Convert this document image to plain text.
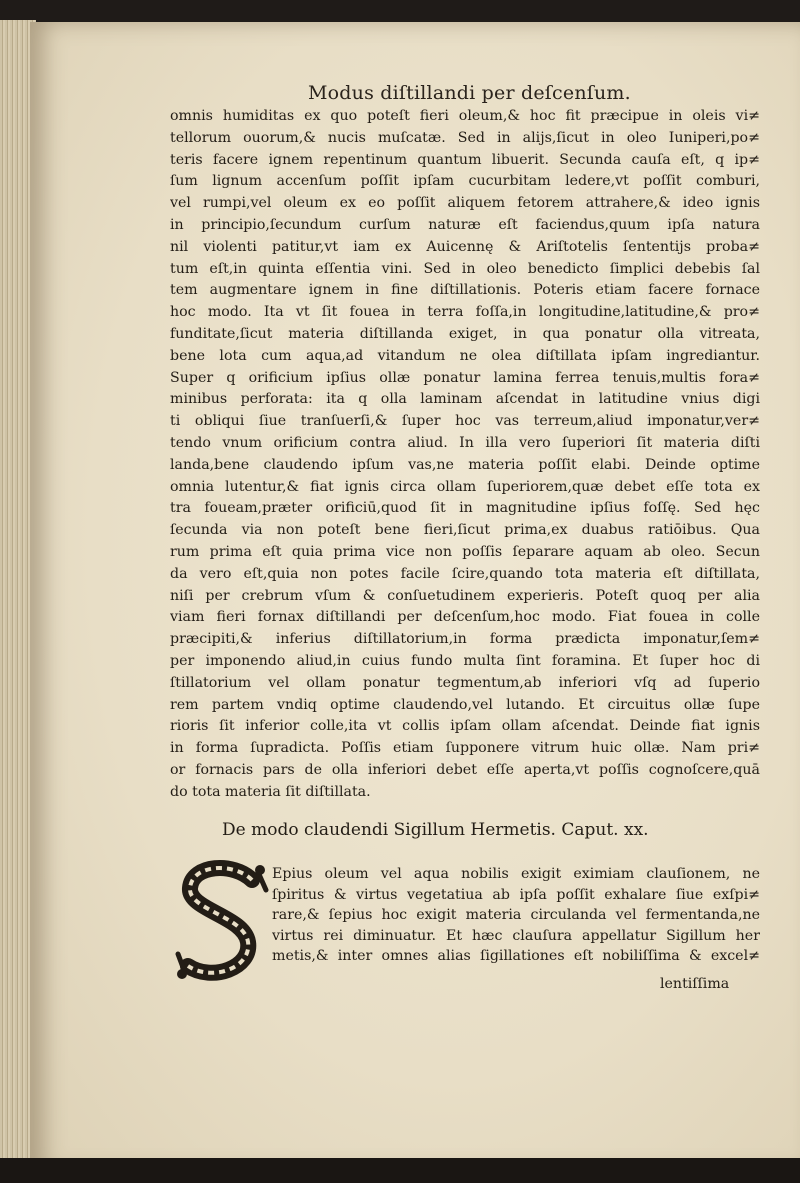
Modus diſtillandi per deſcenſum.
omnis humiditas ex quo poteſt fieri oleum,& hoc fit præcipue in oleis vi≠
tellorum ouorum,& nucis muſcatæ. Sed in alijs,ſicut in oleo Iuniperi,po≠
teris facere ignem repentinum quantum libuerit. Secunda cauſa eſt, q ip≠
ſum lignum accenſum poſſit ipſam cucurbitam ledere,vt poſſit comburi,
vel rumpi,vel oleum ex eo poſſit aliquem fetorem attrahere,& ideo ignis
in principio,ſecundum curſum naturæ eſt faciendus,quum ipſa natura
nil violenti patitur,vt iam ex Auicennę & Ariſtotelis ſententijs proba≠
tum eſt,in quinta eſſentia vini. Sed in oleo benedicto ſimplici debebis ſal
tem augmentare ignem in fine diſtillationis. Poteris etiam facere fornace
hoc modo. Ita vt ſit fouea in terra foſſa,in longitudine,latitudine,& pro≠
funditate,ſicut materia diſtillanda exiget, in qua ponatur olla vitreata,
bene lota cum aqua,ad vitandum ne olea diſtillata ipſam ingrediantur.
Super q orificium ipſius ollæ ponatur lamina ferrea tenuis,multis fora≠
minibus perforata: ita q olla laminam aſcendat in latitudine vnius digi
ti obliqui ſiue tranſuerſi,& ſuper hoc vas terreum,aliud imponatur,ver≠
tendo vnum orificium contra aliud. In illa vero ſuperiori ſit materia diſti
landa,bene claudendo ipſum vas,ne materia poſſit elabi. Deinde optime
omnia lutentur,& fiat ignis circa ollam ſuperiorem,quæ debet eſſe tota ex
tra foueam,præter orificiū,quod ſit in magnitudine ipſius foſſę. Sed hęc
ſecunda via non poteſt bene fieri,ſicut prima,ex duabus ratiōibus. Qua
rum prima eſt quia prima vice non poſſis ſeparare aquam ab oleo. Secun
da vero eſt,quia non potes facile ſcire,quando tota materia eſt diſtillata,
niſi per crebrum vſum & conſuetudinem experieris. Poteſt quoq per alia
viam fieri fornax diſtillandi per deſcenſum,hoc modo. Fiat fouea in colle
præcipiti,& inferius diſtillatorium,in forma prædicta imponatur,ſem≠
per imponendo aliud,in cuius fundo multa ſint foramina. Et ſuper hoc di
ſtillatorium vel ollam ponatur tegmentum,ab inferiori vſq ad ſuperio
rem partem vndiq optime claudendo,vel lutando. Et circuitus ollæ ſupe
rioris ſit inferior colle,ita vt collis ipſam ollam aſcendat. Deinde fiat ignis
in forma ſupradicta. Poſſis etiam ſupponere vitrum huic ollæ. Nam pri≠
or fornacis pars de olla inferiori debet eſſe aperta,vt poſſis cognoſcere,quā
do tota materia ſit diſtillata.
De modo claudendi Sigillum Hermetis. Caput. xx.
Epius oleum vel aqua nobilis exigit eximiam clauſionem, ne
ſpiritus & virtus vegetatiua ab ipſa poſſit exhalare ſiue exſpi≠
rare,& ſepius hoc exigit materia circulanda vel fermentanda,ne
virtus rei diminuatur. Et hæc clauſura appellatur Sigillum her
metis,& inter omnes alias ſigillationes eſt nobiliſſima & excel≠
lentiſſima
